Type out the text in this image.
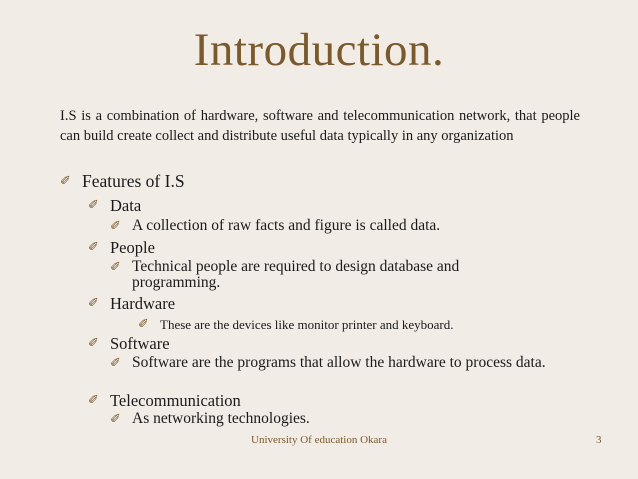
Introduction.
I.S is a combination of hardware, software and telecommunication network, that people can build create collect and distribute useful data typically in any organization
✐ Features of I.S
✐ Data
✐ A collection of raw facts and figure is called data.
✐ People
✐ Technical people are required to design database and programming.
✐ Hardware
✐ These are the devices like monitor printer and keyboard.
✐ Software
✐ Software are the programs that allow the hardware to process data.
✐ Telecommunication
✐ As networking technologies.
University Of education Okara	3
